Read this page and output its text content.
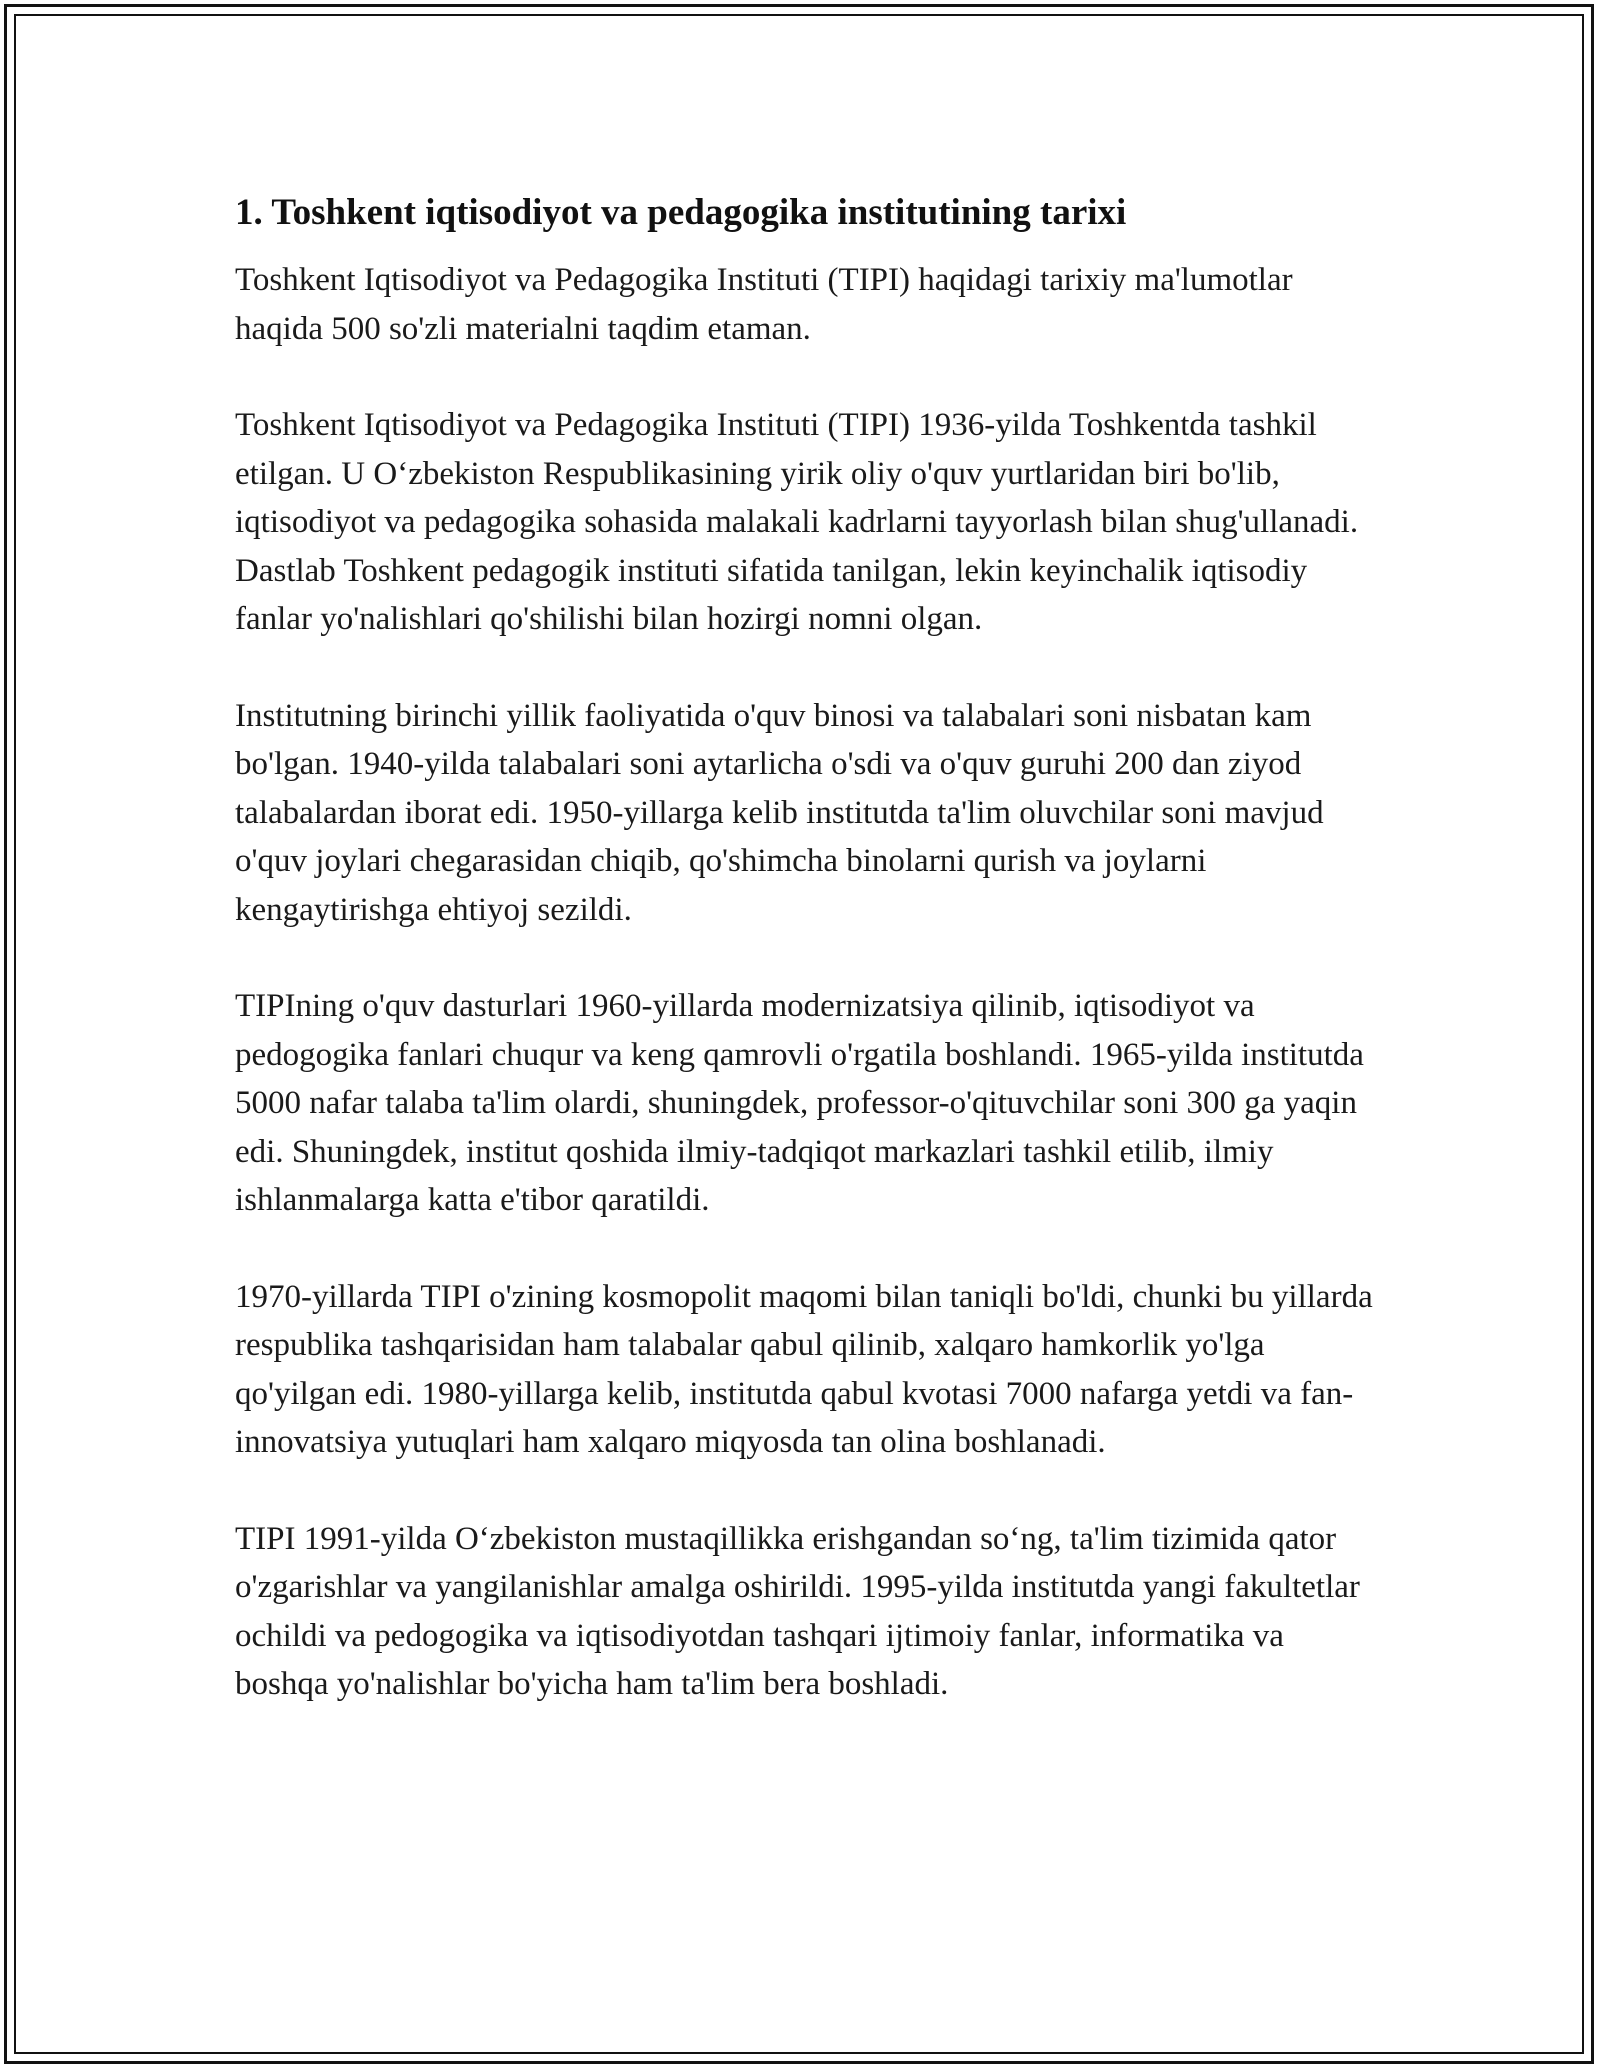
1. Toshkent iqtisodiyot va pedagogika institutining tarixi

Toshkent Iqtisodiyot va Pedagogika Instituti (TIPI) haqidagi tarixiy ma'lumotlar haqida 500 so'zli materialni taqdim etaman.

Toshkent Iqtisodiyot va Pedagogika Instituti (TIPI) 1936-yilda Toshkentda tashkil etilgan. U O‘zbekiston Respublikasining yirik oliy o'quv yurtlaridan biri bo'lib, iqtisodiyot va pedagogika sohasida malakali kadrlarni tayyorlash bilan shug'ullanadi. Dastlab Toshkent pedagogik instituti sifatida tanilgan, lekin keyinchalik iqtisodiy fanlar yo'nalishlari qo'shilishi bilan hozirgi nomni olgan.

Institutning birinchi yillik faoliyatida o'quv binosi va talabalari soni nisbatan kam bo'lgan. 1940-yilda talabalari soni aytarlicha o'sdi va o'quv guruhi 200 dan ziyod talabalardan iborat edi. 1950-yillarga kelib institutda ta'lim oluvchilar soni mavjud o'quv joylari chegarasidan chiqib, qo'shimcha binolarni qurish va joylarni kengaytirishga ehtiyoj sezildi.

TIPIning o'quv dasturlari 1960-yillarda modernizatsiya qilinib, iqtisodiyot va pedogogika fanlari chuqur va keng qamrovli o'rgatila boshlandi. 1965-yilda institutda 5000 nafar talaba ta'lim olardi, shuningdek, professor-o'qituvchilar soni 300 ga yaqin edi. Shuningdek, institut qoshida ilmiy-tadqiqot markazlari tashkil etilib, ilmiy ishlanmalarga katta e'tibor qaratildi.

1970-yillarda TIPI o'zining kosmopolit maqomi bilan taniqli bo'ldi, chunki bu yillarda respublika tashqarisidan ham talabalar qabul qilinib, xalqaro hamkorlik yo'lga qo'yilgan edi. 1980-yillarga kelib, institutda qabul kvotasi 7000 nafarga yetdi va fan-innovatsiya yutuqlari ham xalqaro miqyosda tan olina boshlanadi.

TIPI 1991-yilda O‘zbekiston mustaqillikka erishgandan so‘ng, ta'lim tizimida qator o'zgarishlar va yangilanishlar amalga oshirildi. 1995-yilda institutda yangi fakultetlar ochildi va pedogogika va iqtisodiyotdan tashqari ijtimoiy fanlar, informatika va boshqa yo'nalishlar bo'yicha ham ta'lim bera boshladi.
